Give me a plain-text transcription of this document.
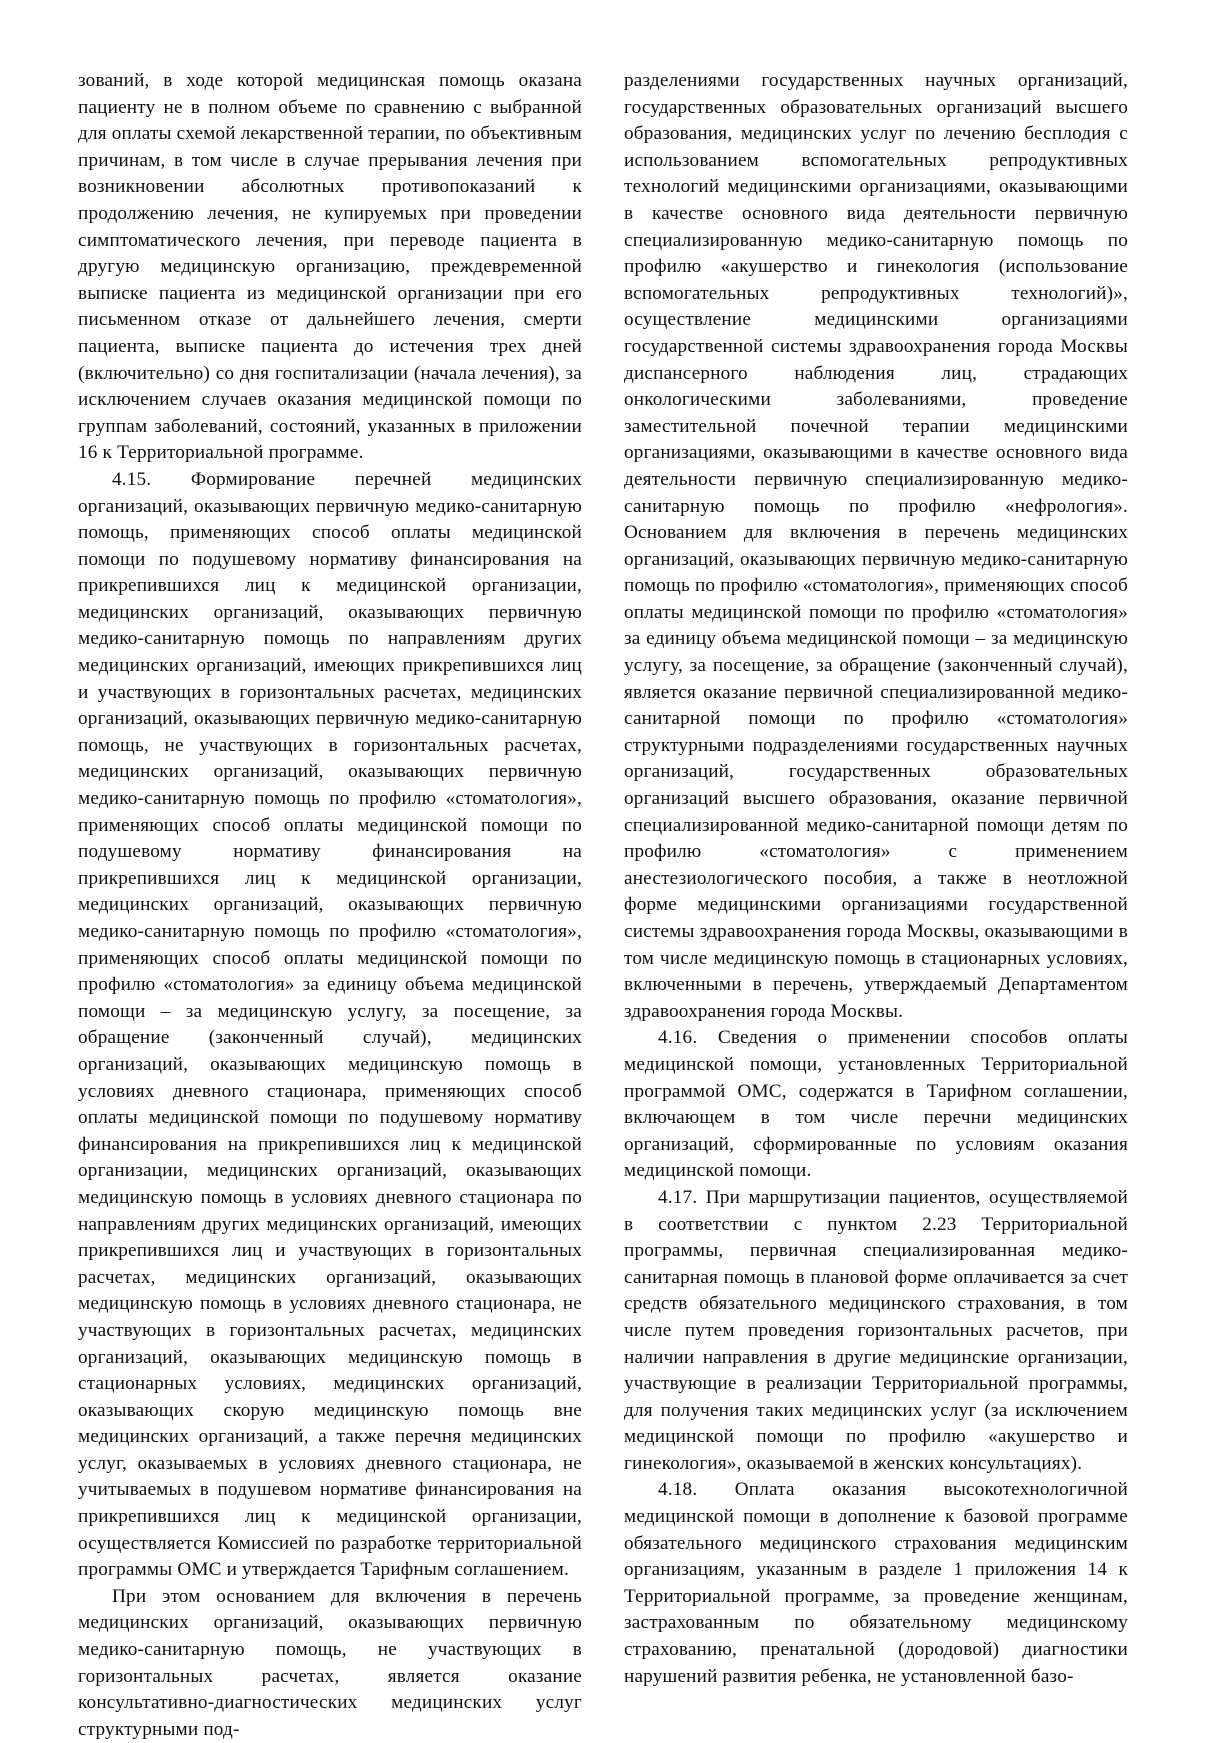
зований, в ходе которой медицинская помощь оказана пациенту не в полном объеме по сравнению с выбранной для оплаты схемой лекарственной терапии, по объективным причинам, в том числе в случае прерывания лечения при возникновении абсолютных противопоказаний к продолжению лечения, не купируемых при проведении симптоматического лечения, при переводе пациента в другую медицинскую организацию, преждевременной выписке пациента из медицинской организации при его письменном отказе от дальнейшего лечения, смерти пациента, выписке пациента до истечения трех дней (включительно) со дня госпитализации (начала лечения), за исключением случаев оказания медицинской помощи по группам заболеваний, состояний, указанных в приложении 16 к Территориальной программе.

4.15. Формирование перечней медицинских организаций, оказывающих первичную медико-санитарную помощь, применяющих способ оплаты медицинской помощи по подушевому нормативу финансирования на прикрепившихся лиц к медицинской организации, медицинских организаций, оказывающих первичную медико-санитарную помощь по направлениям других медицинских организаций, имеющих прикрепившихся лиц и участвующих в горизонтальных расчетах, медицинских организаций, оказывающих первичную медико-санитарную помощь, не участвующих в горизонтальных расчетах, медицинских организаций, оказывающих первичную медико-санитарную помощь по профилю «стоматология», применяющих способ оплаты медицинской помощи по подушевому нормативу финансирования на прикрепившихся лиц к медицинской организации, медицинских организаций, оказывающих первичную медико-санитарную помощь по профилю «стоматология», применяющих способ оплаты медицинской помощи по профилю «стоматология» за единицу объема медицинской помощи – за медицинскую услугу, за посещение, за обращение (законченный случай), медицинских организаций, оказывающих медицинскую помощь в условиях дневного стационара, применяющих способ оплаты медицинской помощи по подушевому нормативу финансирования на прикрепившихся лиц к медицинской организации, медицинских организаций, оказывающих медицинскую помощь в условиях дневного стационара по направлениям других медицинских организаций, имеющих прикрепившихся лиц и участвующих в горизонтальных расчетах, медицинских организаций, оказывающих медицинскую помощь в условиях дневного стационара, не участвующих в горизонтальных расчетах, медицинских организаций, оказывающих медицинскую помощь в стационарных условиях, медицинских организаций, оказывающих скорую медицинскую помощь вне медицинских организаций, а также перечня медицинских услуг, оказываемых в условиях дневного стационара, не учитываемых в подушевом нормативе финансирования на прикрепившихся лиц к медицинской организации, осуществляется Комиссией по разработке территориальной программы ОМС и утверждается Тарифным соглашением.

При этом основанием для включения в перечень медицинских организаций, оказывающих первичную медико-санитарную помощь, не участвующих в горизонтальных расчетах, является оказание консультативно-диагностических медицинских услуг структурными под-

разделениями государственных научных организаций, государственных образовательных организаций высшего образования, медицинских услуг по лечению бесплодия с использованием вспомогательных репродуктивных технологий медицинскими организациями, оказывающими в качестве основного вида деятельности первичную специализированную медико-санитарную помощь по профилю «акушерство и гинекология (использование вспомогательных репродуктивных технологий)», осуществление медицинскими организациями государственной системы здравоохранения города Москвы диспансерного наблюдения лиц, страдающих онкологическими заболеваниями, проведение заместительной почечной терапии медицинскими организациями, оказывающими в качестве основного вида деятельности первичную специализированную медико-санитарную помощь по профилю «нефрология». Основанием для включения в перечень медицинских организаций, оказывающих первичную медико-санитарную помощь по профилю «стоматология», применяющих способ оплаты медицинской помощи по профилю «стоматология» за единицу объема медицинской помощи – за медицинскую услугу, за посещение, за обращение (законченный случай), является оказание первичной специализированной медико-санитарной помощи по профилю «стоматология» структурными подразделениями государственных научных организаций, государственных образовательных организаций высшего образования, оказание первичной специализированной медико-санитарной помощи детям по профилю «стоматология» с применением анестезиологического пособия, а также в неотложной форме медицинскими организациями государственной системы здравоохранения города Москвы, оказывающими в том числе медицинскую помощь в стационарных условиях, включенными в перечень, утверждаемый Департаментом здравоохранения города Москвы.

4.16. Сведения о применении способов оплаты медицинской помощи, установленных Территориальной программой ОМС, содержатся в Тарифном соглашении, включающем в том числе перечни медицинских организаций, сформированные по условиям оказания медицинской помощи.

4.17. При маршрутизации пациентов, осуществляемой в соответствии с пунктом 2.23 Территориальной программы, первичная специализированная медико-санитарная помощь в плановой форме оплачивается за счет средств обязательного медицинского страхования, в том числе путем проведения горизонтальных расчетов, при наличии направления в другие медицинские организации, участвующие в реализации Территориальной программы, для получения таких медицинских услуг (за исключением медицинской помощи по профилю «акушерство и гинекология», оказываемой в женских консультациях).

4.18. Оплата оказания высокотехнологичной медицинской помощи в дополнение к базовой программе обязательного медицинского страхования медицинским организациям, указанным в разделе 1 приложения 14 к Территориальной программе, за проведение женщинам, застрахованным по обязательному медицинскому страхованию, пренатальной (дородовой) диагностики нарушений развития ребенка, не установленной базо-
